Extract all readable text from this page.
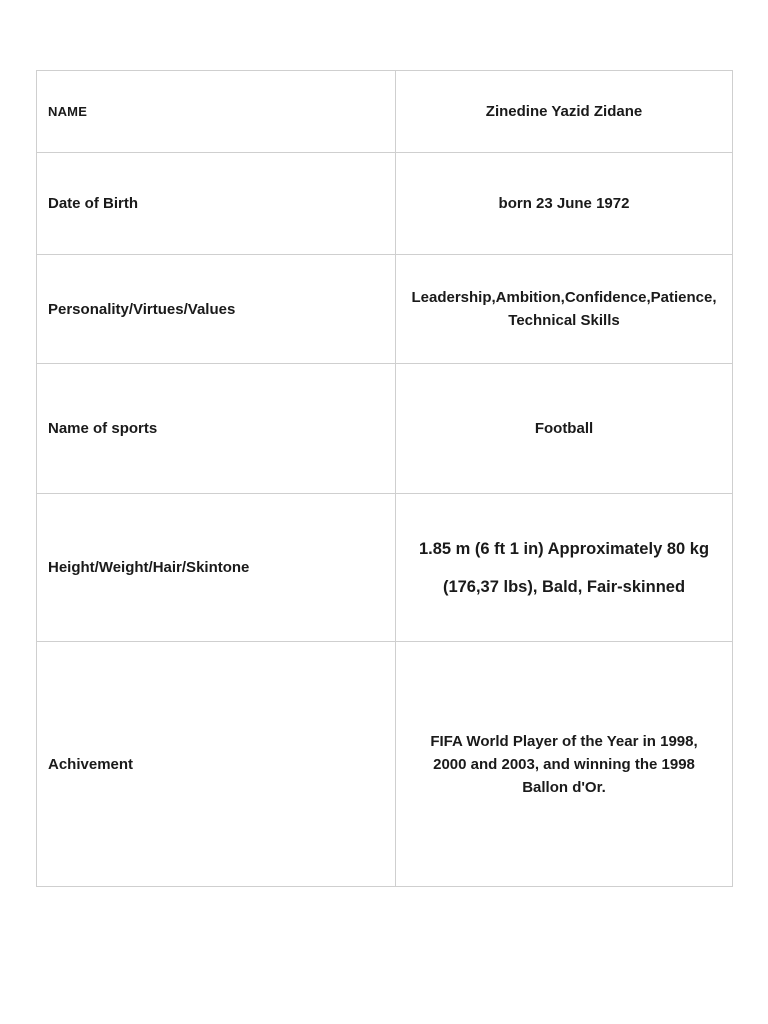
NAME	Zinedine Yazid Zidane
Date of Birth	born 23 June 1972
Personality/Virtues/Values	Leadership,Ambition,Confidence,Patience,
Technical Skills

Name of sports	Football
Height/Weight/Hair/Skintone	1.85 m (6 ft 1 in) Approximately 80 kg
(176,37 lbs), Bald, Fair-skinned

Achivement	FIFA World Player of the Year in 1998,
2000 and 2003, and winning the 1998
Ballon d'Or.
